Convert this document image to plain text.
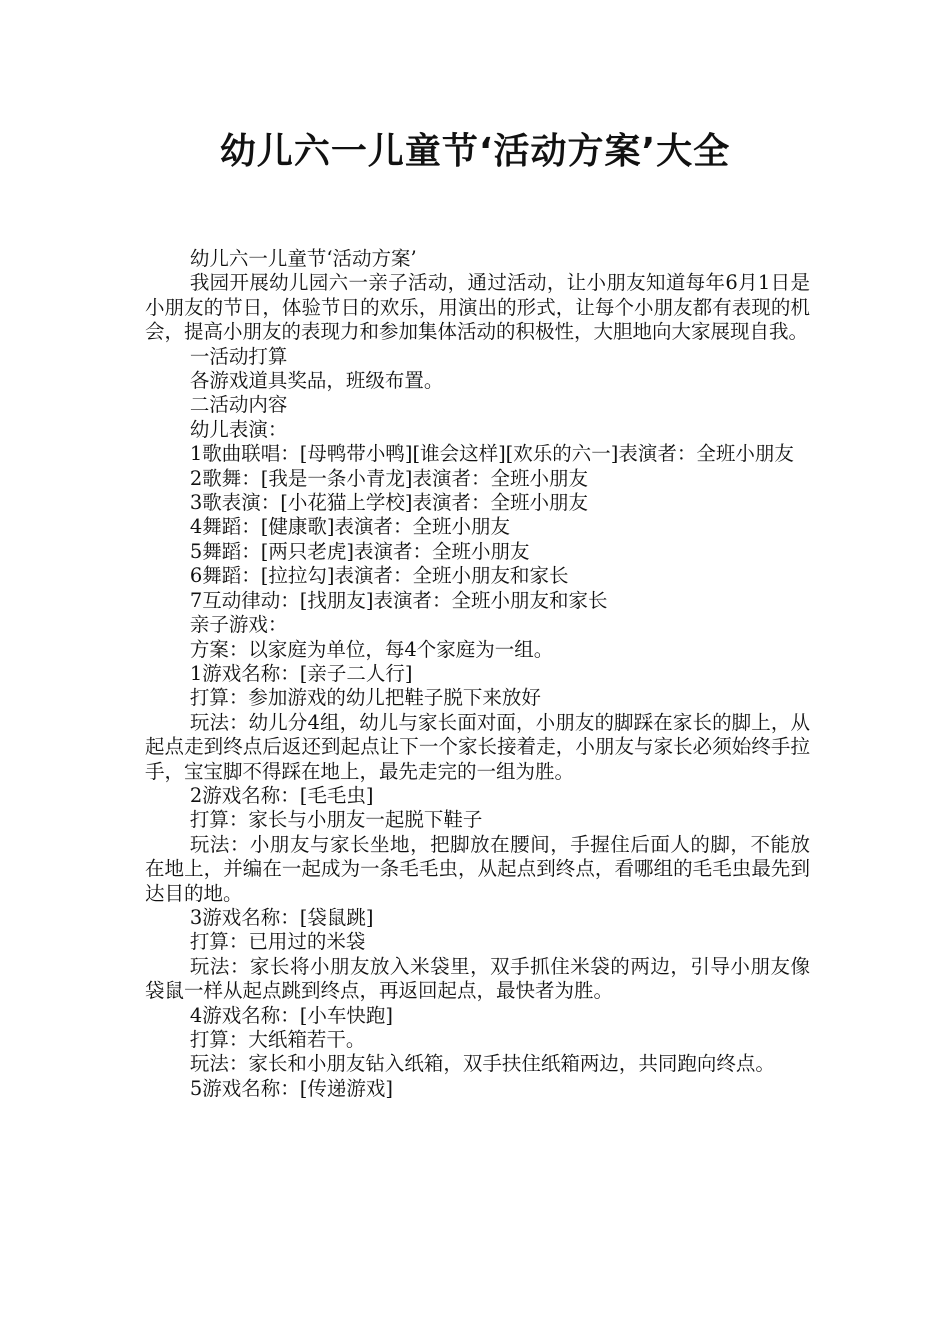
幼儿六一儿童节‘活动方案’大全

幼儿六一儿童节‘活动方案’

我园开展幼儿园六一亲子活动，通过活动，让小朋友知道每年6月1日是小朋友的节日，体验节日的欢乐，用演出的形式，让每个小朋友都有表现的机会，提高小朋友的表现力和参加集体活动的积极性，大胆地向大家展现自我。

一活动打算

各游戏道具奖品，班级布置。

二活动内容

幼儿表演：

1歌曲联唱：[母鸭带小鸭][谁会这样][欢乐的六一]表演者：全班小朋友

2歌舞：[我是一条小青龙]表演者：全班小朋友

3歌表演：[小花猫上学校]表演者：全班小朋友

4舞蹈：[健康歌]表演者：全班小朋友

5舞蹈：[两只老虎]表演者：全班小朋友

6舞蹈：[拉拉勾]表演者：全班小朋友和家长

7互动律动：[找朋友]表演者：全班小朋友和家长

亲子游戏：

方案：以家庭为单位，每4个家庭为一组。

1游戏名称：[亲子二人行]

打算：参加游戏的幼儿把鞋子脱下来放好

玩法：幼儿分4组，幼儿与家长面对面，小朋友的脚踩在家长的脚上，从起点走到终点后返还到起点让下一个家长接着走，小朋友与家长必须始终手拉手，宝宝脚不得踩在地上，最先走完的一组为胜。

2游戏名称：[毛毛虫]

打算：家长与小朋友一起脱下鞋子

玩法：小朋友与家长坐地，把脚放在腰间，手握住后面人的脚，不能放在地上，并编在一起成为一条毛毛虫，从起点到终点，看哪组的毛毛虫最先到达目的地。

3游戏名称：[袋鼠跳]

打算：已用过的米袋

玩法：家长将小朋友放入米袋里，双手抓住米袋的两边，引导小朋友像袋鼠一样从起点跳到终点，再返回起点，最快者为胜。

4游戏名称：[小车快跑]

打算：大纸箱若干。

玩法：家长和小朋友钻入纸箱，双手扶住纸箱两边，共同跑向终点。

5游戏名称：[传递游戏]
